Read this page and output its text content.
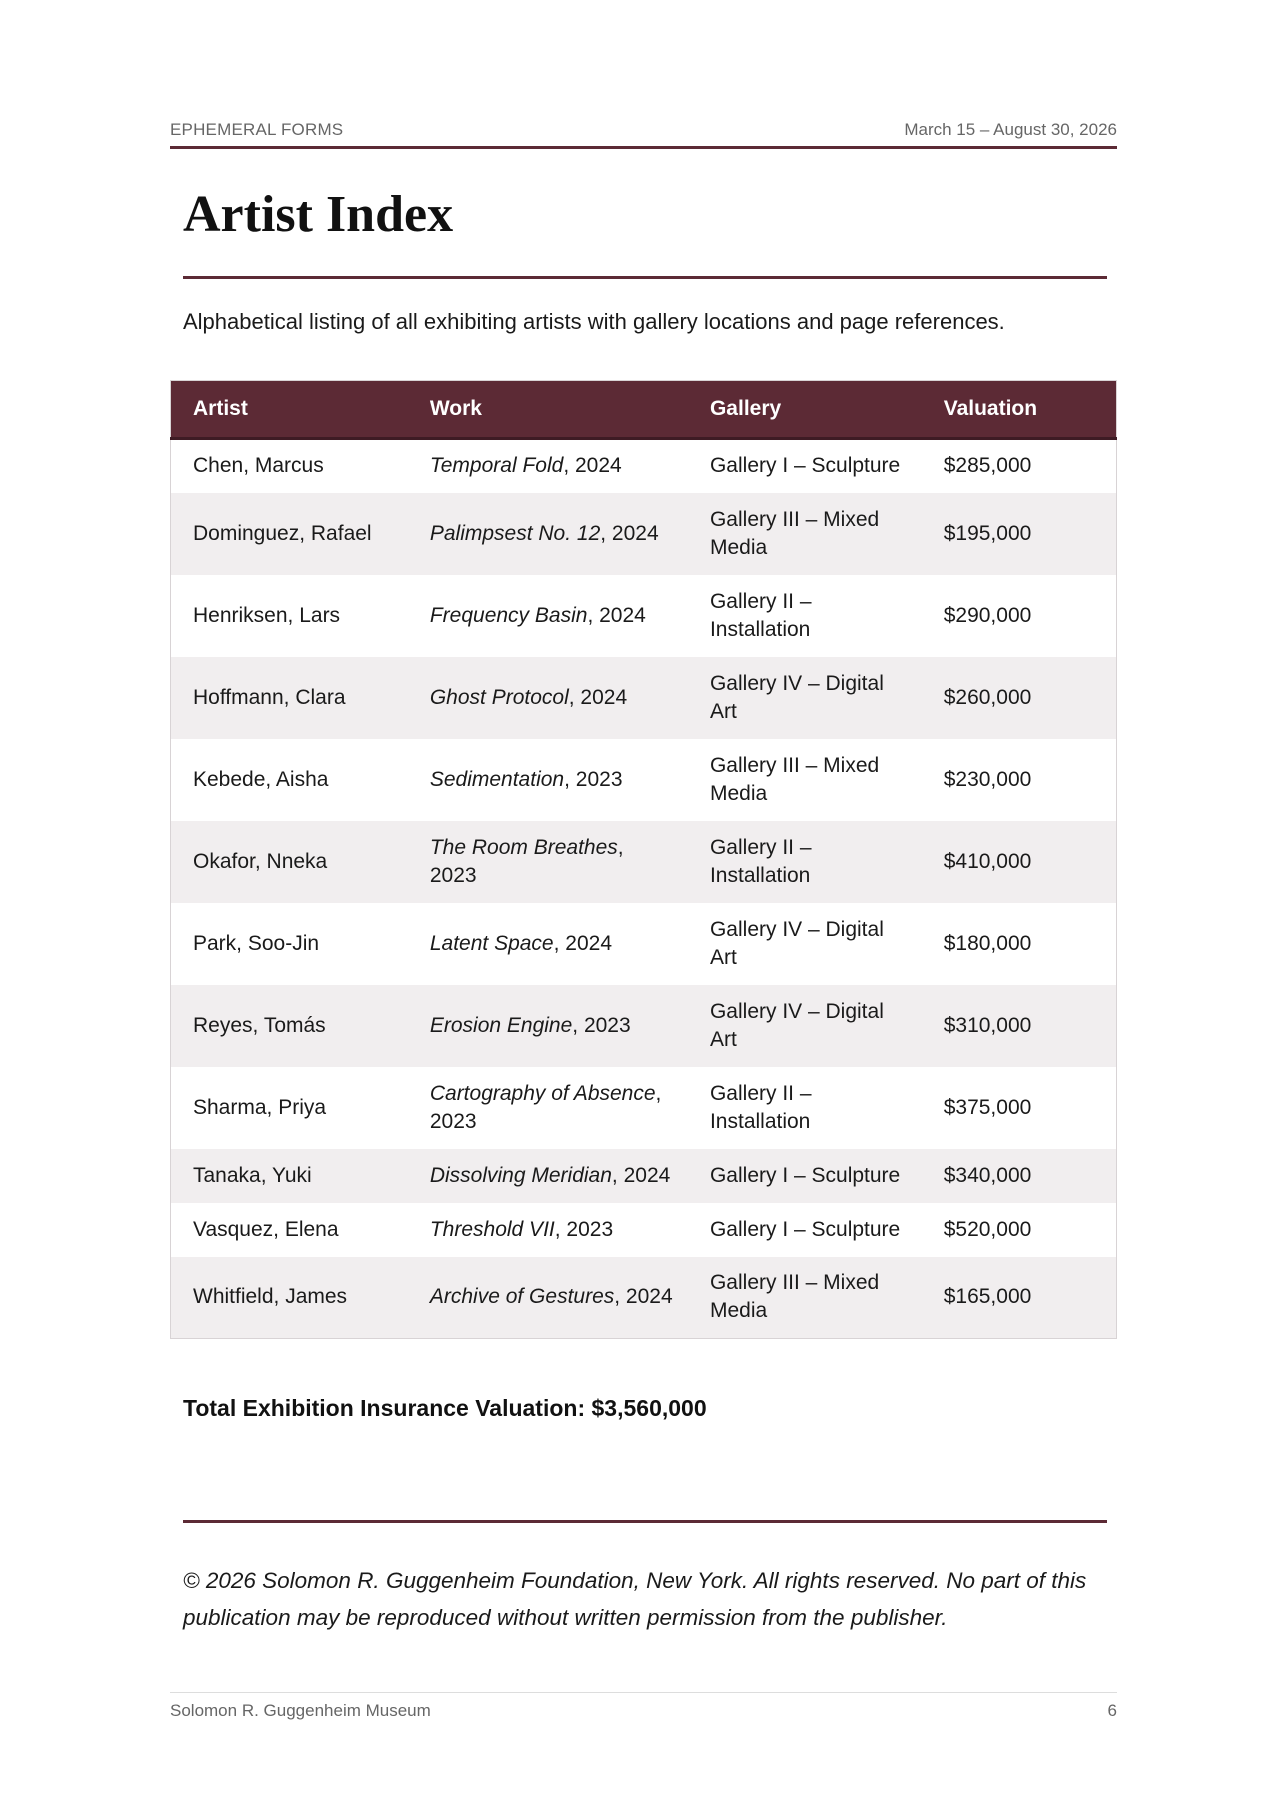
EPHEMERAL FORMS	March 15 – August 30, 2026
Artist Index
Alphabetical listing of all exhibiting artists with gallery locations and page references.
Artist	Work	Gallery	Valuation
Chen, Marcus	Temporal Fold, 2024	Gallery I – Sculpture	$285,000
Dominguez, Rafael	Palimpsest No. 12, 2024	Gallery III – Mixed Media	$195,000
Henriksen, Lars	Frequency Basin, 2024	Gallery II – Installation	$290,000
Hoffmann, Clara	Ghost Protocol, 2024	Gallery IV – Digital Art	$260,000
Kebede, Aisha	Sedimentation, 2023	Gallery III – Mixed Media	$230,000
Okafor, Nneka	The Room Breathes, 2023	Gallery II – Installation	$410,000
Park, Soo-Jin	Latent Space, 2024	Gallery IV – Digital Art	$180,000
Reyes, Tomás	Erosion Engine, 2023	Gallery IV – Digital Art	$310,000
Sharma, Priya	Cartography of Absence, 2023	Gallery II – Installation	$375,000
Tanaka, Yuki	Dissolving Meridian, 2024	Gallery I – Sculpture	$340,000
Vasquez, Elena	Threshold VII, 2023	Gallery I – Sculpture	$520,000
Whitfield, James	Archive of Gestures, 2024	Gallery III – Mixed Media	$165,000
Total Exhibition Insurance Valuation: $3,560,000

© 2026 Solomon R. Guggenheim Foundation, New York. All rights reserved. No part of this publication may be reproduced without written permission from the publisher.

Solomon R. Guggenheim Museum	6
